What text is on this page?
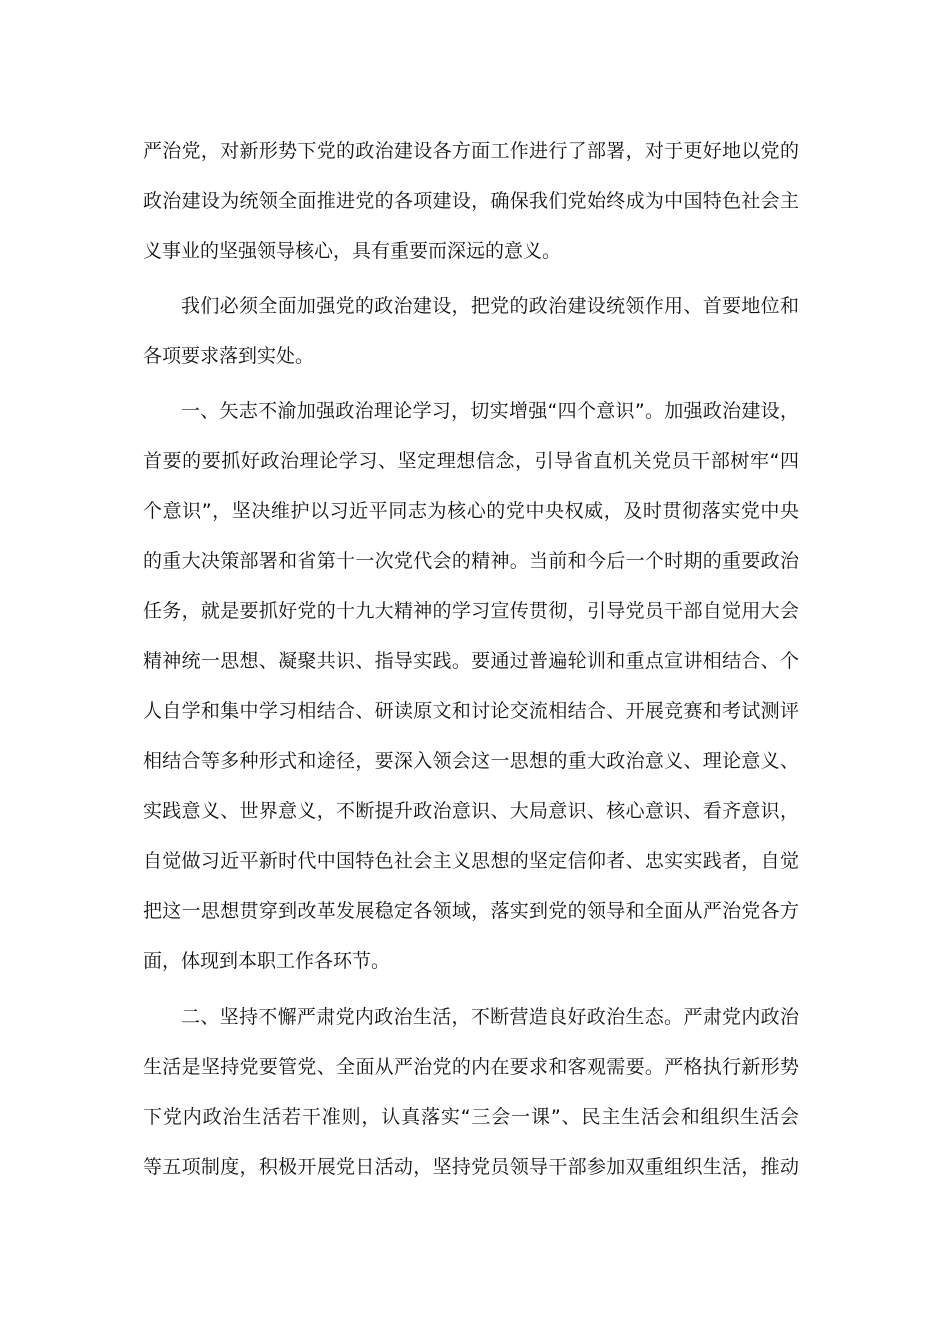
严治党，对新形势下党的政治建设各方面工作进行了部署，对于更好地以党的
政治建设为统领全面推进党的各项建设，确保我们党始终成为中国特色社会主
义事业的坚强领导核心，具有重要而深远的意义。
我们必须全面加强党的政治建设，把党的政治建设统领作用、首要地位和
各项要求落到实处。
一、矢志不渝加强政治理论学习，切实增强“四个意识”。加强政治建设，
首要的要抓好政治理论学习、坚定理想信念，引导省直机关党员干部树牢“四
个意识”，坚决维护以习近平同志为核心的党中央权威，及时贯彻落实党中央
的重大决策部署和省第十一次党代会的精神。当前和今后一个时期的重要政治
任务，就是要抓好党的十九大精神的学习宣传贯彻，引导党员干部自觉用大会
精神统一思想、凝聚共识、指导实践。要通过普遍轮训和重点宣讲相结合、个
人自学和集中学习相结合、研读原文和讨论交流相结合、开展竞赛和考试测评
相结合等多种形式和途径，要深入领会这一思想的重大政治意义、理论意义、
实践意义、世界意义，不断提升政治意识、大局意识、核心意识、看齐意识，
自觉做习近平新时代中国特色社会主义思想的坚定信仰者、忠实实践者，自觉
把这一思想贯穿到改革发展稳定各领域，落实到党的领导和全面从严治党各方
面，体现到本职工作各环节。
二、坚持不懈严肃党内政治生活，不断营造良好政治生态。严肃党内政治
生活是坚持党要管党、全面从严治党的内在要求和客观需要。严格执行新形势
下党内政治生活若干准则，认真落实“三会一课”、民主生活会和组织生活会
等五项制度，积极开展党日活动，坚持党员领导干部参加双重组织生活，推动
